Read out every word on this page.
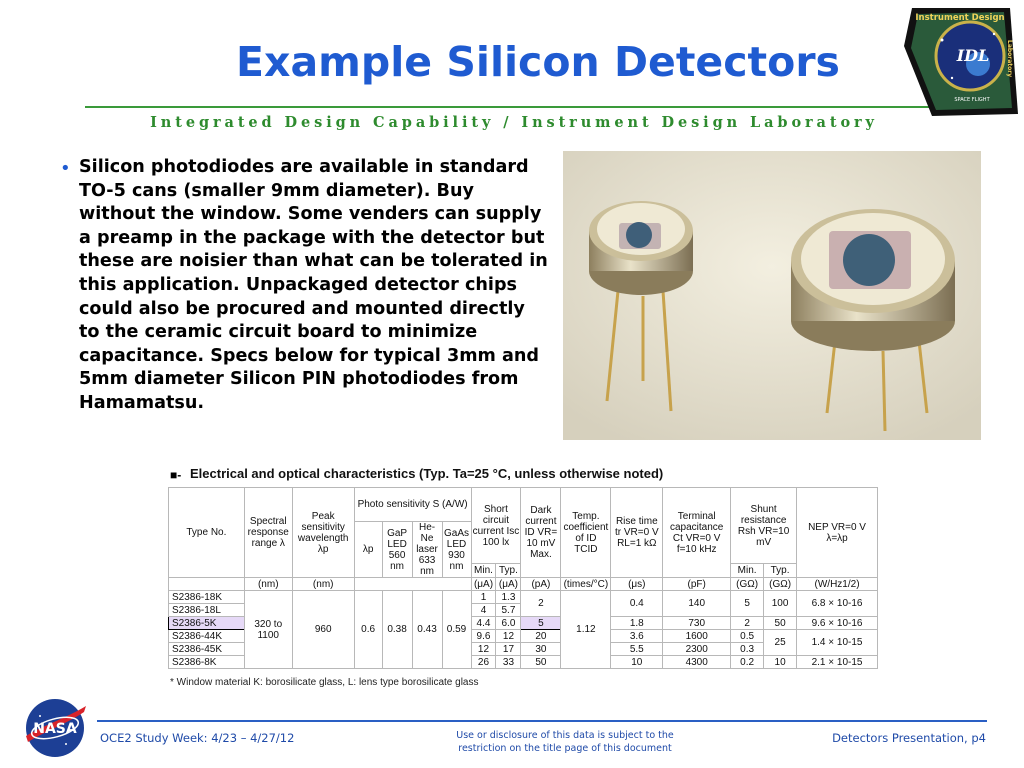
Example Silicon Detectors
Integrated Design Capability / Instrument Design Laboratory
Instrument Design
IDL	Laboratory
SPACE FLIGHT
• Silicon photodiodes are available in standard TO-5 cans (smaller 9mm diameter). Buy without the window. Some venders can supply a preamp in the package with the detector but these are noisier than what can be tolerated in this application. Unpackaged detector chips could also be procured and mounted directly to the ceramic circuit board to minimize capacitance. Specs below for typical 3mm and 5mm diameter Silicon PIN photodiodes from Hamamatsu.
■- Electrical and optical characteristics (Typ. Ta=25 °C, unless otherwise noted)
Type No.	Spectral response range λ	Peak sensitivity wavelength λp	Photo sensitivity S (A/W)				Short circuit current Isc 100 lx		Dark current ID VR= 10 mV Max.	Temp. coefficient of ID TCID	Rise time tr VR=0 V RL=1 kΩ	Terminal capacitance Ct VR=0 V f=10 kHz	Shunt resistance Rsh VR=10 mV		NEP VR=0 V λ=λp
			λp	GaP LED 560 nm	He-Ne laser 633 nm	GaAs LED 930 nm									
							Min.	Typ.					Min.	Typ.	
	(nm)	(nm)					(μA)	(μA)	(pA)	(times/°C)	(μs)	(pF)	(GΩ)	(GΩ)	(W/Hz1/2)
S2386-18K	320 to 1100	960	0.6	0.38	0.43	0.59	1	1.3	2	1.12	0.4	140	5	100	6.8 × 10-16
S2386-18L							4	5.7							
S2386-5K							4.4	6.0	5		1.8	730	2	50	9.6 × 10-16
S2386-44K							9.6	12	20		3.6	1600	0.5	25	1.4 × 10-15
S2386-45K							12	17	30		5.5	2300	0.3		
S2386-8K							26	33	50		10	4300	0.2	10	2.1 × 10-15
* Window material K: borosilicate glass, L: lens type borosilicate glass
NASA
OCE2 Study Week: 4/23 – 4/27/12	Use or disclosure of this data is subject to the
restriction on the title page of this document
Detectors Presentation, p4
